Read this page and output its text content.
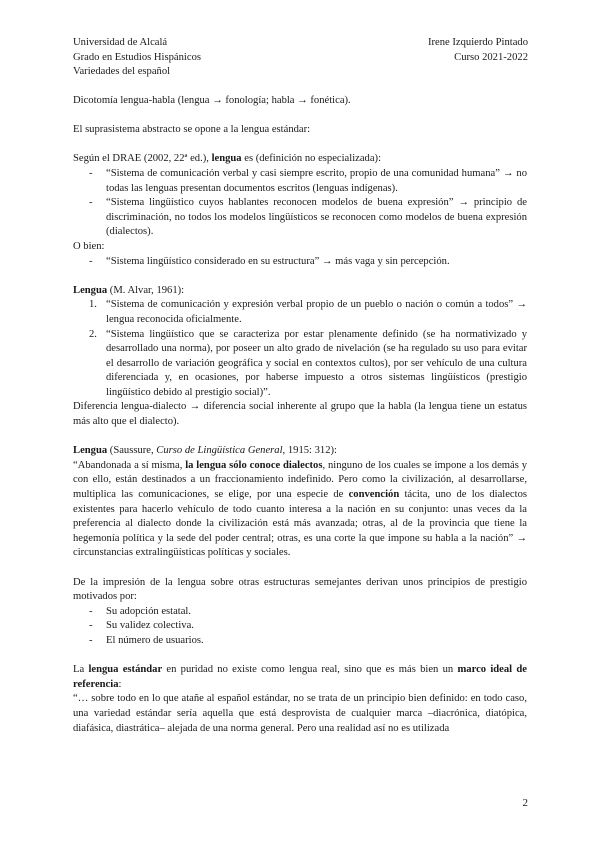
Universidad de Alcalá
Grado en Estudios Hispánicos
Variedades del español
Irene Izquierdo Pintado
Curso 2021-2022

Dicotomía lengua-habla (lengua → fonología; habla → fonética).

El suprasistema abstracto se opone a la lengua estándar:

Según el DRAE (2002, 22ª ed.), lengua es (definición no especializada):

- “Sistema de comunicación verbal y casi siempre escrito, propio de una comunidad humana” → no todas las lenguas presentan documentos escritos (lenguas indígenas).
- “Sistema lingüístico cuyos hablantes reconocen modelos de buena expresión” → principio de discriminación, no todos los modelos lingüísticos se reconocen como modelos de buena expresión (dialectos).

O bien:

- “Sistema lingüístico considerado en su estructura” → más vaga y sin percepción.

Lengua (M. Alvar, 1961):

1. “Sistema de comunicación y expresión verbal propio de un pueblo o nación o común a todos” → lengua reconocida oficialmente.
2. “Sistema lingüístico que se caracteriza por estar plenamente definido (se ha normativizado y desarrollado una norma), por poseer un alto grado de nivelación (se ha regulado su uso para evitar el desarrollo de variación geográfica y social en contextos cultos), por ser vehículo de una cultura diferenciada y, en ocasiones, por haberse impuesto a otros sistemas lingüísticos (prestigio lingüístico debido al prestigio social)”.

Diferencia lengua-dialecto → diferencia social inherente al grupo que la habla (la lengua tiene un estatus más alto que el dialecto).

Lengua (Saussure, Curso de Lingüística General, 1915: 312):

“Abandonada a sí misma, la lengua sólo conoce dialectos, ninguno de los cuales se impone a los demás y con ello, están destinados a un fraccionamiento indefinido. Pero como la civilización, al desarrollarse, multiplica las comunicaciones, se elige, por una especie de convención tácita, uno de los dialectos existentes para hacerlo vehículo de todo cuanto interesa a la nación en su conjunto: unas veces da la preferencia al dialecto donde la civilización está más avanzada; otras, al de la provincia que tiene la hegemonía política y la sede del poder central; otras, es una corte la que impone su habla a la nación” → circunstancias extralingüísticas políticas y sociales.

De la impresión de la lengua sobre otras estructuras semejantes derivan unos principios de prestigio motivados por:

- Su adopción estatal.
- Su validez colectiva.
- El número de usuarios.

La lengua estándar en puridad no existe como lengua real, sino que es más bien un marco ideal de referencia:

“… sobre todo en lo que atañe al español estándar, no se trata de un principio bien definido: en todo caso, una variedad estándar sería aquella que está desprovista de cualquier marca –diacrónica, diatópica, diafásica, diastrática– alejada de una norma general. Pero una realidad así no es utilizada

2
